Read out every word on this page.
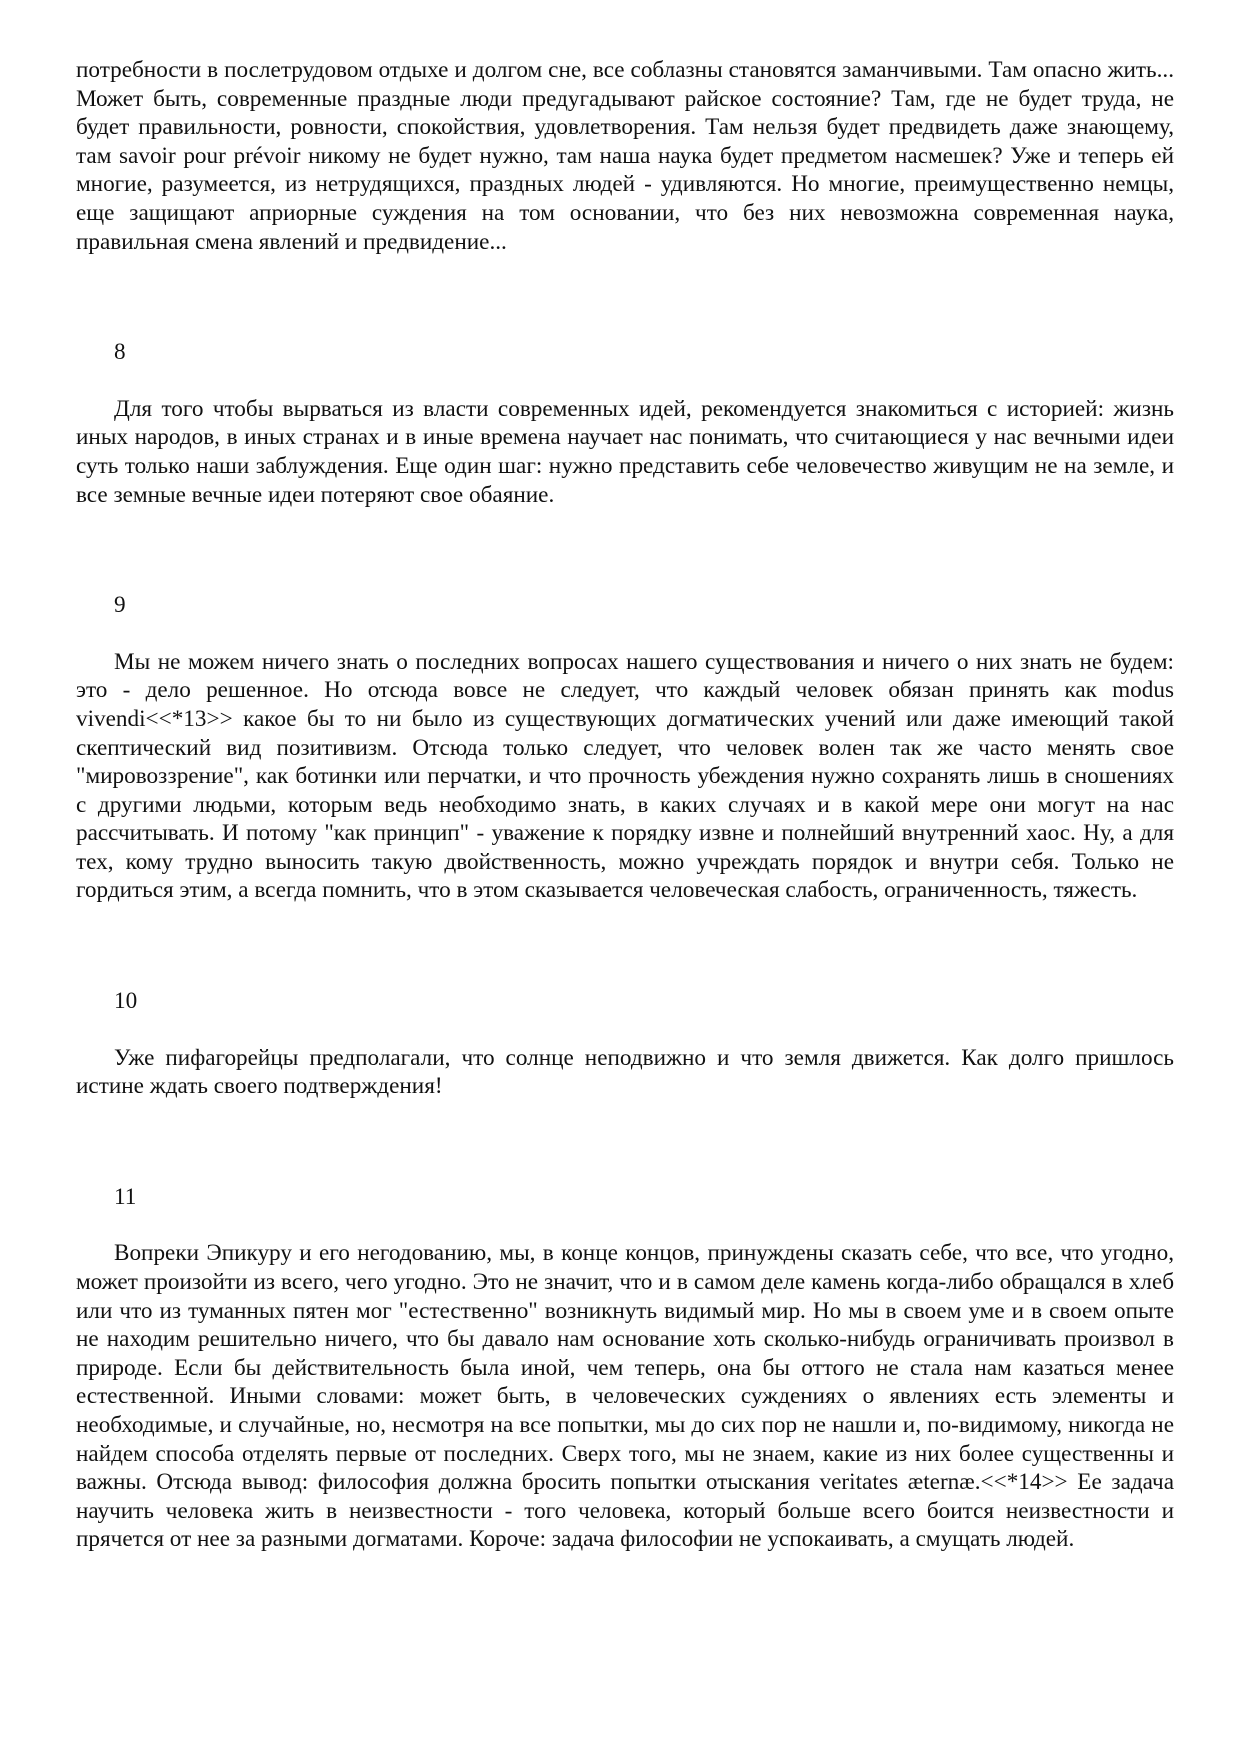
потребности в послетрудовом отдыхе и долгом сне, все соблазны становятся заманчивыми. Там опасно жить... Может быть, современные праздные люди предугадывают райское состояние? Там, где не будет труда, не будет правильности, ровности, спокойствия, удовлетворения. Там нельзя будет предвидеть даже знающему, там savoir pour prévoir никому не будет нужно, там наша наука будет предметом насмешек? Уже и теперь ей многие, разумеется, из нетрудящихся, праздных людей - удивляются. Но многие, преимущественно немцы, еще защищают априорные суждения на том основании, что без них невозможна современная наука, правильная смена явлений и предвидение...

8

Для того чтобы вырваться из власти современных идей, рекомендуется знакомиться с историей: жизнь иных народов, в иных странах и в иные времена научает нас понимать, что считающиеся у нас вечными идеи суть только наши заблуждения. Еще один шаг: нужно представить себе человечество живущим не на земле, и все земные вечные идеи потеряют свое обаяние.

9

Мы не можем ничего знать о последних вопросах нашего существования и ничего о них знать не будем: это - дело решенное. Но отсюда вовсе не следует, что каждый человек обязан принять как modus vivendi<<*13>> какое бы то ни было из существующих догматических учений или даже имеющий такой скептический вид позитивизм. Отсюда только следует, что человек волен так же часто менять свое "мировоззрение", как ботинки или перчатки, и что прочность убеждения нужно сохранять лишь в сношениях с другими людьми, которым ведь необходимо знать, в каких случаях и в какой мере они могут на нас рассчитывать. И потому "как принцип" - уважение к порядку извне и полнейший внутренний хаос. Ну, а для тех, кому трудно выносить такую двойственность, можно учреждать порядок и внутри себя. Только не гордиться этим, а всегда помнить, что в этом сказывается человеческая слабость, ограниченность, тяжесть.

10

Уже пифагорейцы предполагали, что солнце неподвижно и что земля движется. Как долго пришлось истине ждать своего подтверждения!

11

Вопреки Эпикуру и его негодованию, мы, в конце концов, принуждены сказать себе, что все, что угодно, может произойти из всего, чего угодно. Это не значит, что и в самом деле камень когда-либо обращался в хлеб или что из туманных пятен мог "естественно" возникнуть видимый мир. Но мы в своем уме и в своем опыте не находим решительно ничего, что бы давало нам основание хоть сколько-нибудь ограничивать произвол в природе. Если бы действительность была иной, чем теперь, она бы оттого не стала нам казаться менее естественной. Иными словами: может быть, в человеческих суждениях о явлениях есть элементы и необходимые, и случайные, но, несмотря на все попытки, мы до сих пор не нашли и, по-видимому, никогда не найдем способа отделять первые от последних. Сверх того, мы не знаем, какие из них более существенны и важны. Отсюда вывод: философия должна бросить попытки отыскания veritates æternæ.<<*14>> Ее задача научить человека жить в неизвестности - того человека, который больше всего боится неизвестности и прячется от нее за разными догматами. Короче: задача философии не успокаивать, а смущать людей.
